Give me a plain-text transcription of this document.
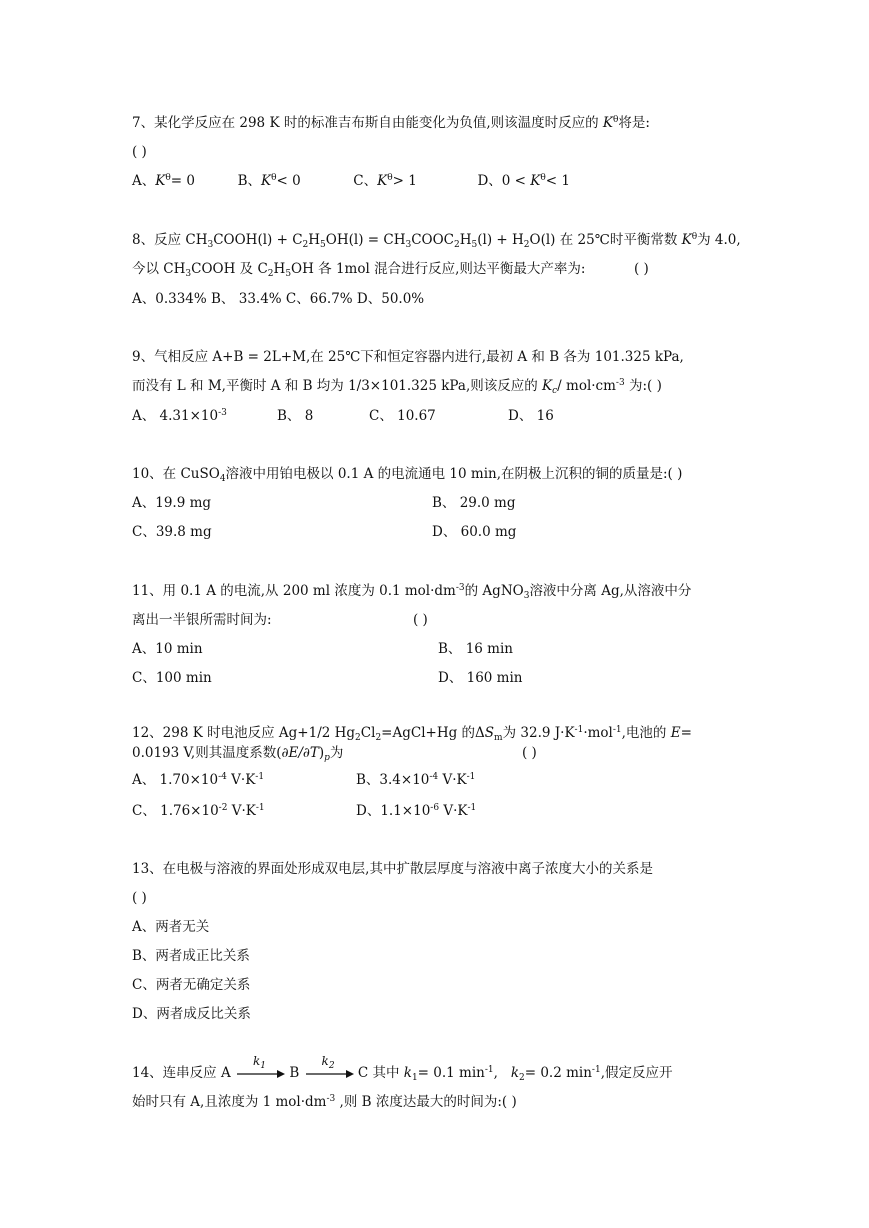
7、某化学反应在 298 K 时的标准吉布斯自由能变化为负值,则该温度时反应的 $K^\theta$将是:
( )
A、$K^\theta= 0$	B、$K^\theta< 0$	C、$K^\theta> 1$	D、$0 < K^\theta< 1$
8、反应 $CH_3COOH(l) + C_2H_5OH(l)$ = $CH_3COOC_2H_5(l) + H_2O(l)$ 在 25℃时平衡常数 $K^\theta$为 4.0,
今以 $CH_3COOH$ 及 $C_2H_5OH$ 各 1mol 混合进行反应,则达平衡最大产率为:	( )
A、0.334% B、 33.4% C、66.7% D、50.0%
9、气相反应 A+B = 2L+M,在 25℃下和恒定容器内进行,最初 A 和 B 各为 101.325 kPa,
而没有 L 和 M,平衡时 A 和 B 均为 1/3×101.325 kPa,则该反应的 $K_c/$ $mol\cdot cm^{-3}$ 为:( )
A、 $4.31\times 10^{-3}$	B、 8	C、 10.67	D、 16
10、在 CuSO$_4$溶液中用铂电极以 0.1 A 的电流通电 10 min,在阴极上沉积的铜的质量是:( )
A、19.9 mg	B、 29.0 mg
C、39.8 mg	D、 60.0 mg
11、用 0.1 A 的电流,从 200 ml 浓度为 0.1 $mol\cdot dm^{-3}$的 AgNO$_3$溶液中分离 Ag,从溶液中分
离出一半银所需时间为:	( )
A、10 min	B、 16 min
C、100 min	D、 160 min
12、298 K 时电池反应 Ag+1/2 $Hg_2Cl_2=AgCl+Hg$ 的$\Delta S_m$为 32.9 $J\cdot K^{-1}\cdot mol^{-1}$,电池的 E=
0.0193 V,则其温度系数$(\partial E/\partial T)_p$为	( )
A、 $1.70\times 10^{-4}$ $V\cdot K^{-1}$	B、$3.4\times 10^{-4}$ $V\cdot K^{-1}$
C、 $1.76\times 10^{-2}$ $V\cdot K^{-1}$	D、$1.1\times 10^{-6}$ $V\cdot K^{-1}$
13、在电极与溶液的界面处形成双电层,其中扩散层厚度与溶液中离子浓度大小的关系是
( )
A、两者无关
B、两者成正比关系
C、两者无确定关系
D、两者成反比关系
14、连串反应 A
$k_1$ B
$k_2$ C 其中 $k_1= 0.1$ $\min^{-1}$,   $k_2= 0.2$ $\min^{-1}$,假定反应开
始时只有 A,且浓度为 1 $mol\cdot dm^{-3}$ ,则 B 浓度达最大的时间为:( )
